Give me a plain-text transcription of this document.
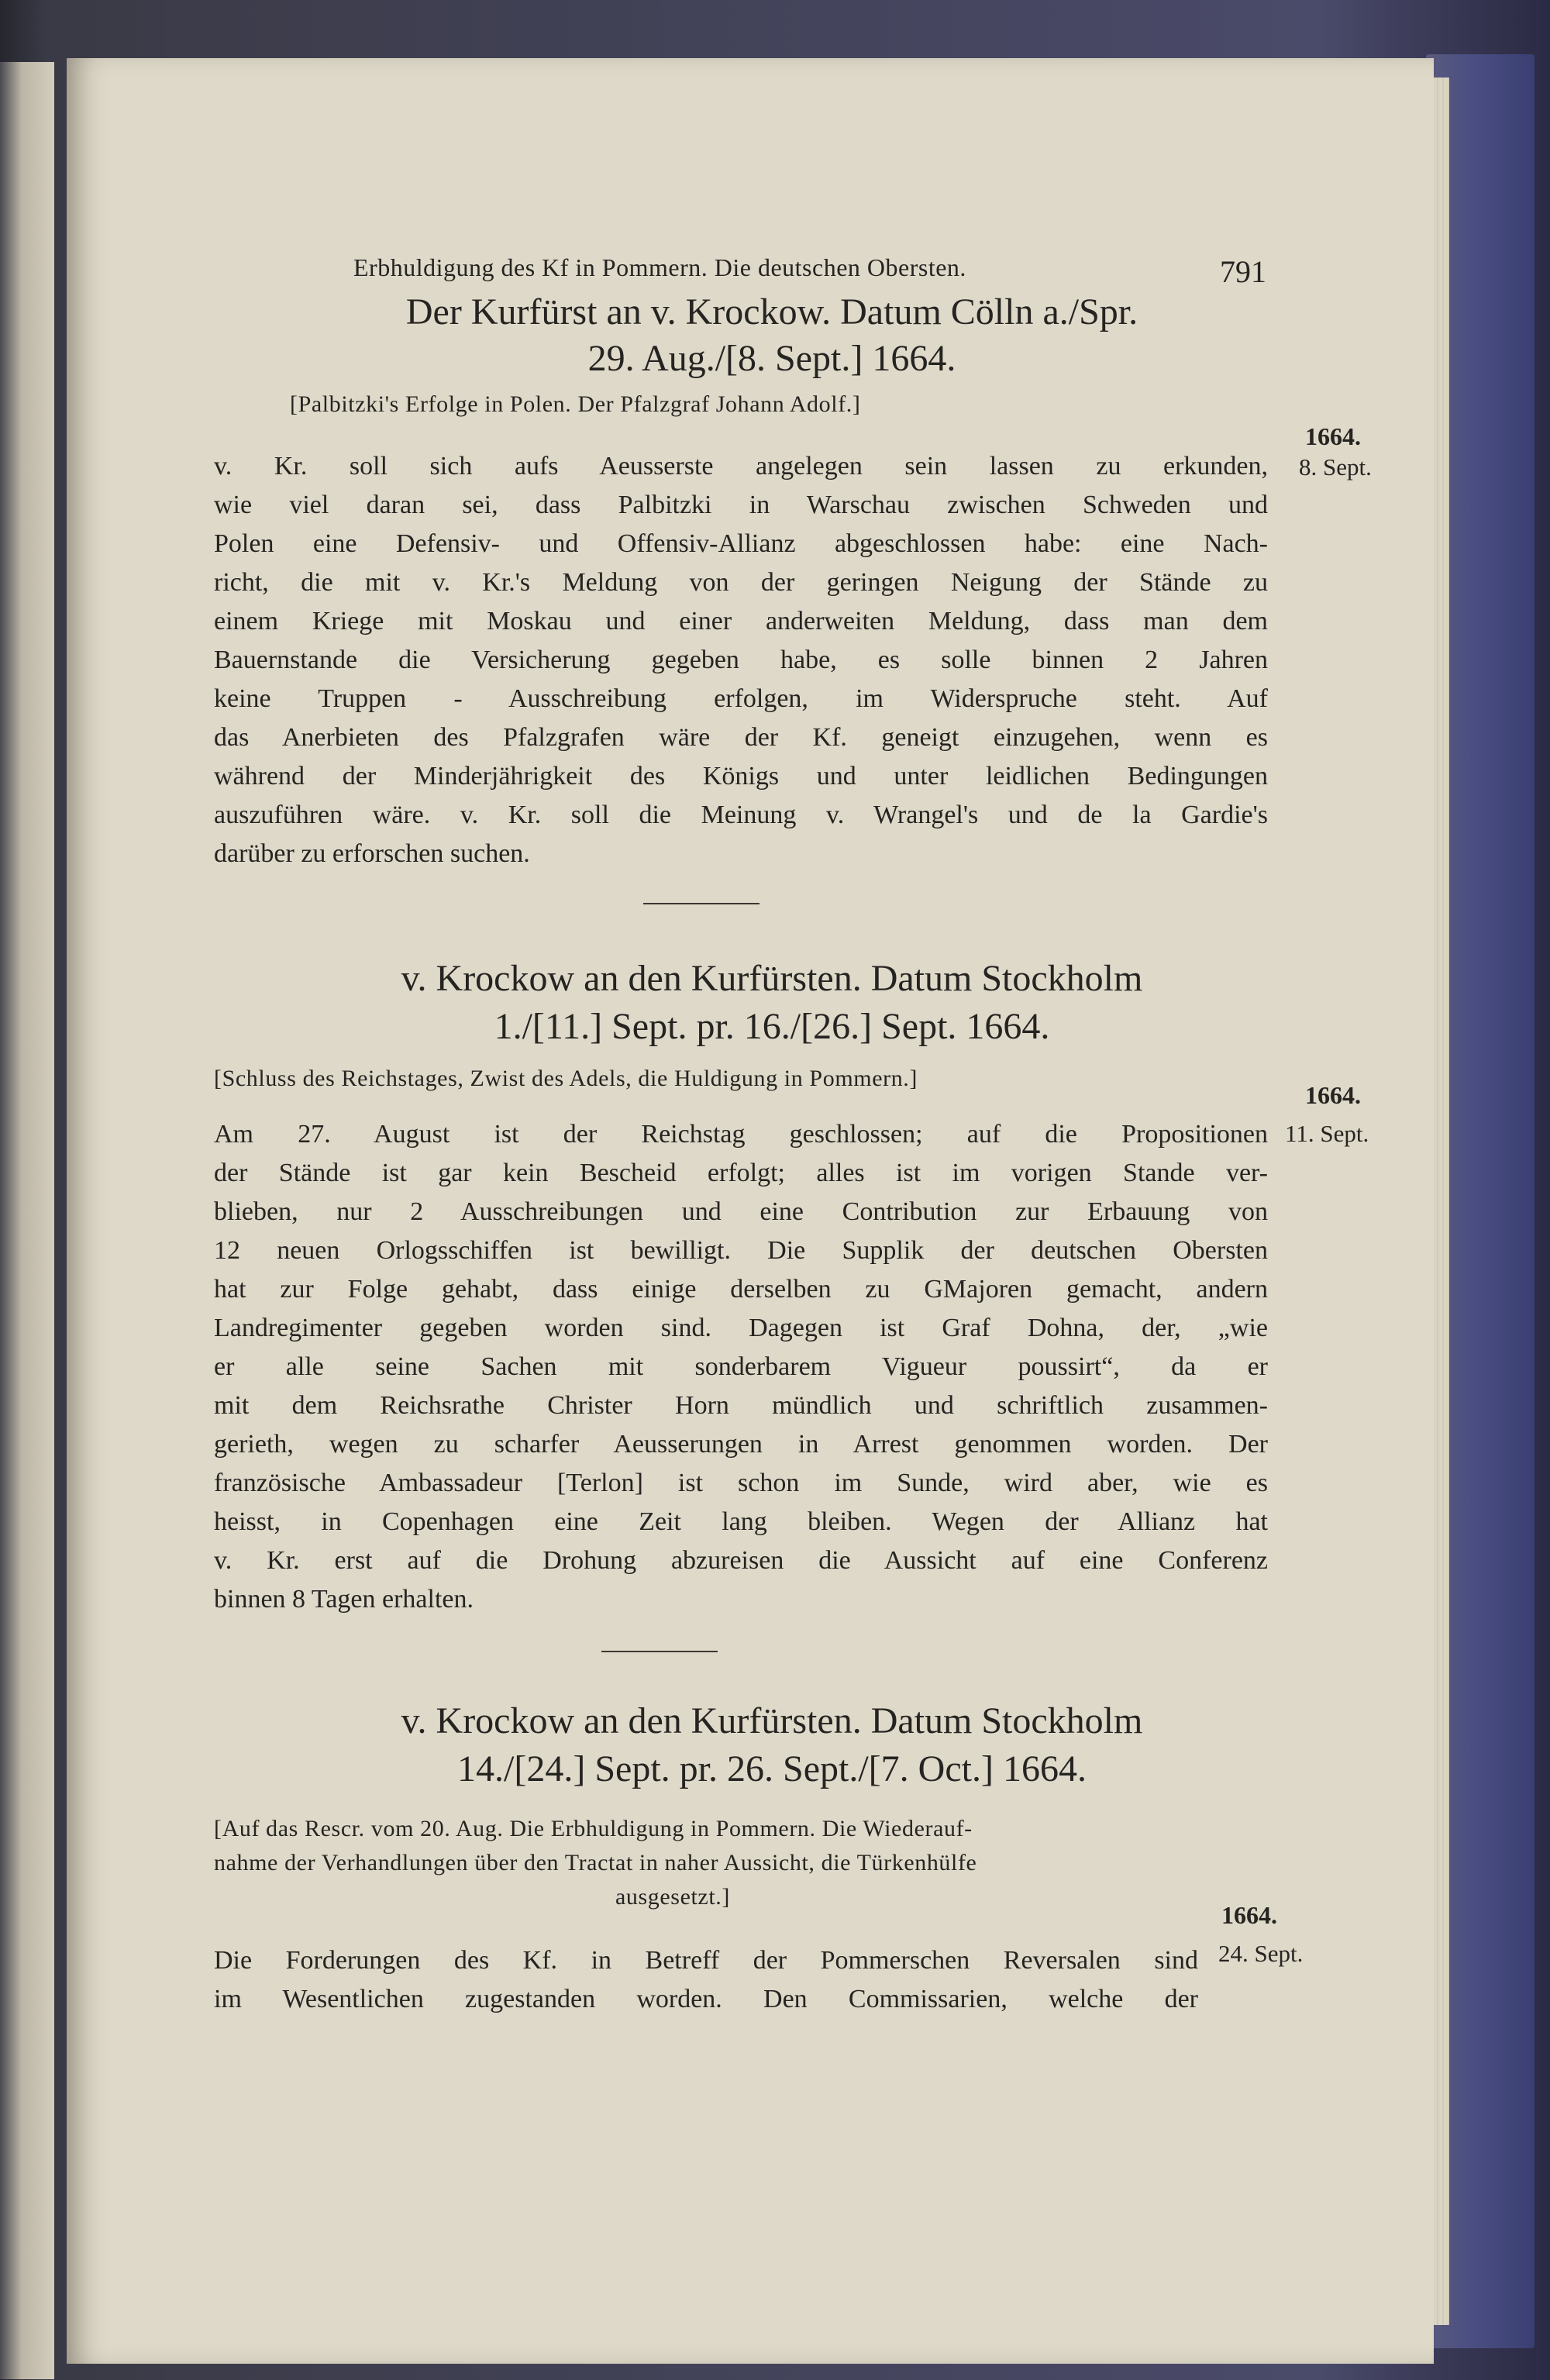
Erbhuldigung des Kf in Pommern. Die deutschen Obersten.	791

Der Kurfürst an v. Krockow. Datum Cölln a./Spr.

29. Aug./[8. Sept.] 1664.

[Palbitzki's Erfolge in Polen. Der Pfalzgraf Johann Adolf.]

1664.

8. Sept.

v. Kr. soll sich aufs Aeusserste angelegen sein lassen zu erkunden,

wie viel daran sei, dass Palbitzki in Warschau zwischen Schweden und

Polen eine Defensiv- und Offensiv-Allianz abgeschlossen habe: eine Nach-

richt, die mit v. Kr.'s Meldung von der geringen Neigung der Stände zu

einem Kriege mit Moskau und einer anderweiten Meldung, dass man dem

Bauernstande die Versicherung gegeben habe, es solle binnen 2 Jahren

keine Truppen - Ausschreibung erfolgen, im Widerspruche steht. Auf

das Anerbieten des Pfalzgrafen wäre der Kf. geneigt einzugehen, wenn es

während der Minderjährigkeit des Königs und unter leidlichen Bedingungen

auszuführen wäre. v. Kr. soll die Meinung v. Wrangel's und de la Gardie's

darüber zu erforschen suchen.

v. Krockow an den Kurfürsten. Datum Stockholm

1./[11.] Sept. pr. 16./[26.] Sept. 1664.

[Schluss des Reichstages, Zwist des Adels, die Huldigung in Pommern.]

1664.

11. Sept.

Am 27. August ist der Reichstag geschlossen; auf die Propositionen

der Stände ist gar kein Bescheid erfolgt; alles ist im vorigen Stande ver-

blieben, nur 2 Ausschreibungen und eine Contribution zur Erbauung von

12 neuen Orlogsschiffen ist bewilligt. Die Supplik der deutschen Obersten

hat zur Folge gehabt, dass einige derselben zu GMajoren gemacht, andern

Landregimenter gegeben worden sind. Dagegen ist Graf Dohna, der, „wie

er alle seine Sachen mit sonderbarem Vigueur poussirt“, da er

mit dem Reichsrathe Christer Horn mündlich und schriftlich zusammen-

gerieth, wegen zu scharfer Aeusserungen in Arrest genommen worden. Der

französische Ambassadeur [Terlon] ist schon im Sunde, wird aber, wie es

heisst, in Copenhagen eine Zeit lang bleiben. Wegen der Allianz hat

v. Kr. erst auf die Drohung abzureisen die Aussicht auf eine Conferenz

binnen 8 Tagen erhalten.

v. Krockow an den Kurfürsten. Datum Stockholm

14./[24.] Sept. pr. 26. Sept./[7. Oct.] 1664.

[Auf das Rescr. vom 20. Aug. Die Erbhuldigung in Pommern. Die Wiederauf-

nahme der Verhandlungen über den Tractat in naher Aussicht, die Türkenhülfe

ausgesetzt.]

1664.

24. Sept.

Die Forderungen des Kf. in Betreff der Pommerschen Reversalen sind

im Wesentlichen zugestanden worden. Den Commissarien, welche der
